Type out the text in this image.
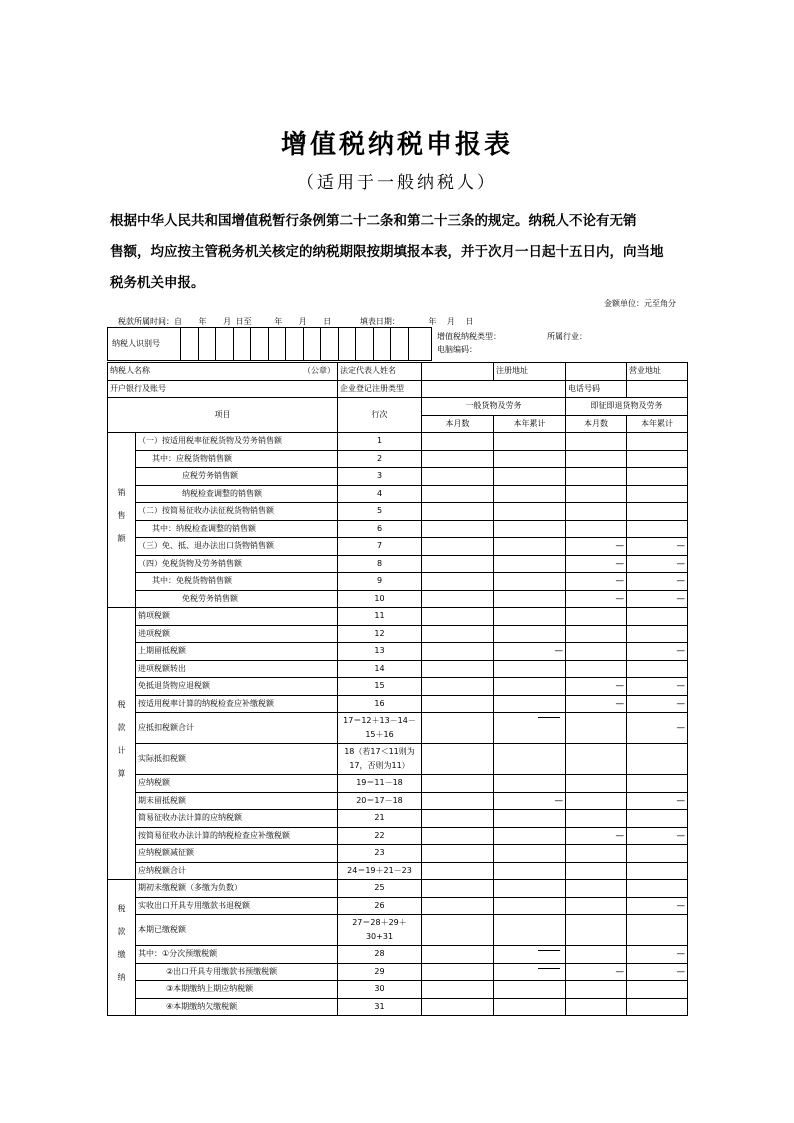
增值税纳税申报表
（适用于一般纳税人）
根据中华人民共和国增值税暂行条例第二十二条和第二十三条的规定。纳税人不论有无销
售额，均应按主管税务机关核定的纳税期限按期填报本表，并于次月一日起十五日内，向当地
税务机关申报。
金额单位：元至角分
税款所属时间：自 年 月 日至	年 月 日	填表日期：	年 月 日
纳税人识别号
增值税纳税类型：	所属行业：
电脑编码：
纳税人名称 （公章）		法定代表人姓名		注册地址		营业地址
开户银行及账号		企业登记注册类型			电话号码	
项目		行次	一般货物及劳务		即征即退货物及劳务	
			本月数	本年累计	本月数	本年累计

销
售
额	（一）按适用税率征税货物及劳务销售额	1				
	其中：应税货物销售额	2				
	应税劳务销售额	3				
	纳税检查调整的销售额	4				
	（二）按简易征收办法征税货物销售额	5				
	其中：纳税检查调整的销售额	6				
	（三）免、抵、退办法出口货物销售额	7			----	----
	（四）免税货物及劳务销售额	8			----	----
	其中：免税货物销售额	9			----	----
	免税劳务销售额	10			----	----

税
款
计
算	销项税额	11				
	进项税额	12				
	上期留抵税额	13		----		----
	进项税额转出	14				
	免抵退货物应退税额	15			----	----
	按适用税率计算的纳税检查应补缴税额	16			----	----
	应抵扣税额合计	17＝12＋13－14－15＋16				----
	实际抵扣税额	18（若17＜11则为17，否则为11）				
	应纳税额	19＝11－18				
	期末留抵税额	20＝17－18		----		----
	简易征收办法计算的应纳税额	21				
	按简易征收办法计算的纳税检查应补缴税额	22			----	----
	应纳税额减征额	23				
	应纳税额合计	24＝19＋21－23				

税
款
缴
纳	期初未缴税额（多缴为负数）	25				
	实收出口开具专用缴款书退税额	26				----
	本期已缴税额	27＝28＋29＋30+31				
	其中：①分次预缴税额	28				----
	②出口开具专用缴款书预缴税额	29			----	----
	③本期缴纳上期应纳税额	30				
	④本期缴纳欠缴税额	31				
